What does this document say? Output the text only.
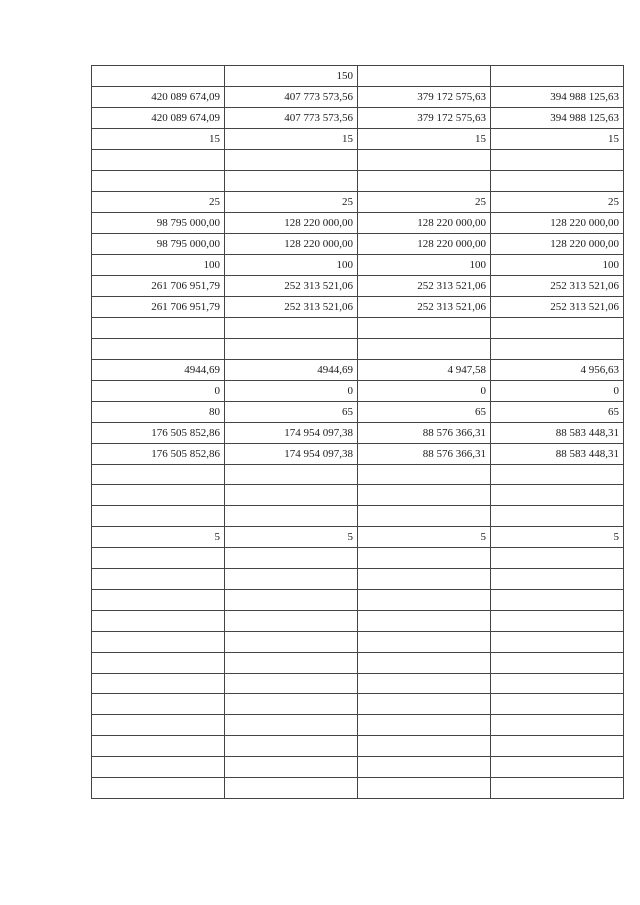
	150		
420 089 674,09	407 773 573,56	379 172 575,63	394 988 125,63
420 089 674,09	407 773 573,56	379 172 575,63	394 988 125,63
15	15	15	15

25	25	25	25
98 795 000,00	128 220 000,00	128 220 000,00	128 220 000,00
98 795 000,00	128 220 000,00	128 220 000,00	128 220 000,00
100	100	100	100
261 706 951,79	252 313 521,06	252 313 521,06	252 313 521,06
261 706 951,79	252 313 521,06	252 313 521,06	252 313 521,06

4944,69	4944,69	4 947,58	4 956,63
0	0	0	0
80	65	65	65
176 505 852,86	174 954 097,38	88 576 366,31	88 583 448,31
176 505 852,86	174 954 097,38	88 576 366,31	88 583 448,31

5	5	5	5
